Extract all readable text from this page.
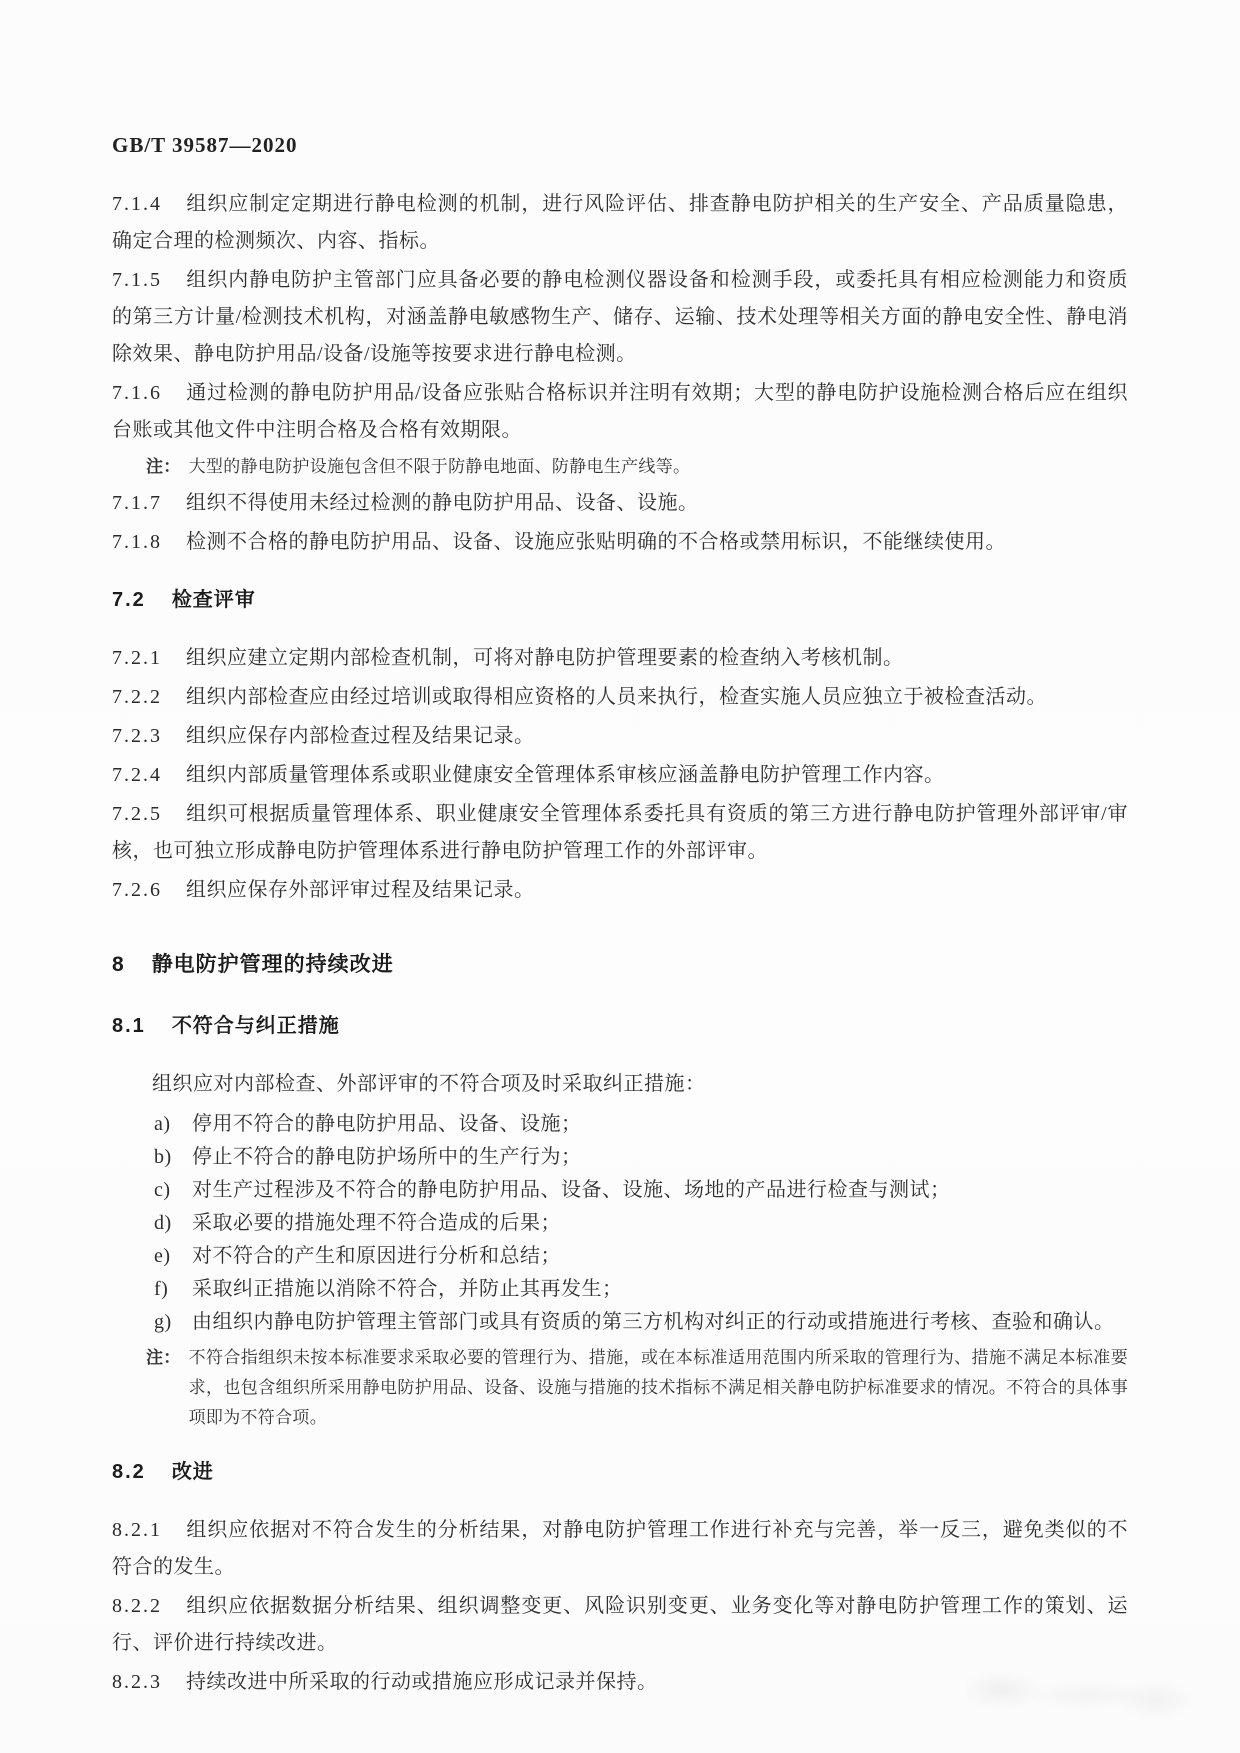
GB/T 39587—2020

7.1.4 组织应制定定期进行静电检测的机制，进行风险评估、排查静电防护相关的生产安全、产品质量隐患，确定合理的检测频次、内容、指标。

7.1.5 组织内静电防护主管部门应具备必要的静电检测仪器设备和检测手段，或委托具有相应检测能力和资质的第三方计量/检测技术机构，对涵盖静电敏感物生产、储存、运输、技术处理等相关方面的静电安全性、静电消除效果、静电防护用品/设备/设施等按要求进行静电检测。

7.1.6 通过检测的静电防护用品/设备应张贴合格标识并注明有效期；大型的静电防护设施检测合格后应在组织台账或其他文件中注明合格及合格有效期限。

注： 大型的静电防护设施包含但不限于防静电地面、防静电生产线等。

7.1.7 组织不得使用未经过检测的静电防护用品、设备、设施。

7.1.8 检测不合格的静电防护用品、设备、设施应张贴明确的不合格或禁用标识，不能继续使用。

7.2 检查评审

7.2.1 组织应建立定期内部检查机制，可将对静电防护管理要素的检查纳入考核机制。

7.2.2 组织内部检查应由经过培训或取得相应资格的人员来执行，检查实施人员应独立于被检查活动。

7.2.3 组织应保存内部检查过程及结果记录。

7.2.4 组织内部质量管理体系或职业健康安全管理体系审核应涵盖静电防护管理工作内容。

7.2.5 组织可根据质量管理体系、职业健康安全管理体系委托具有资质的第三方进行静电防护管理外部评审/审核，也可独立形成静电防护管理体系进行静电防护管理工作的外部评审。

7.2.6 组织应保存外部评审过程及结果记录。

8 静电防护管理的持续改进
8.1 不符合与纠正措施

组织应对内部检查、外部评审的不符合项及时采取纠正措施：

a)	停用不符合的静电防护用品、设备、设施；
b)	停止不符合的静电防护场所中的生产行为；
c)	对生产过程涉及不符合的静电防护用品、设备、设施、场地的产品进行检查与测试；
d)	采取必要的措施处理不符合造成的后果；
e)	对不符合的产生和原因进行分析和总结；
f)	采取纠正措施以消除不符合，并防止其再发生；
g)	由组织内静电防护管理主管部门或具有资质的第三方机构对纠正的行动或措施进行考核、查验和确认。
注： 不符合指组织未按本标准要求采取必要的管理行为、措施，或在本标准适用范围内所采取的管理行为、措施不满足本标准要求，也包含组织所采用静电防护用品、设备、设施与措施的技术指标不满足相关静电防护标准要求的情况。不符合的具体事项即为不符合项。
8.2 改进

8.2.1 组织应依据对不符合发生的分析结果，对静电防护管理工作进行补充与完善，举一反三，避免类似的不符合的发生。

8.2.2 组织应依据数据分析结果、组织调整变更、风险识别变更、业务变化等对静电防护管理工作的策划、运行、评价进行持续改进。

8.2.3 持续改进中所采取的行动或措施应形成记录并保持。
